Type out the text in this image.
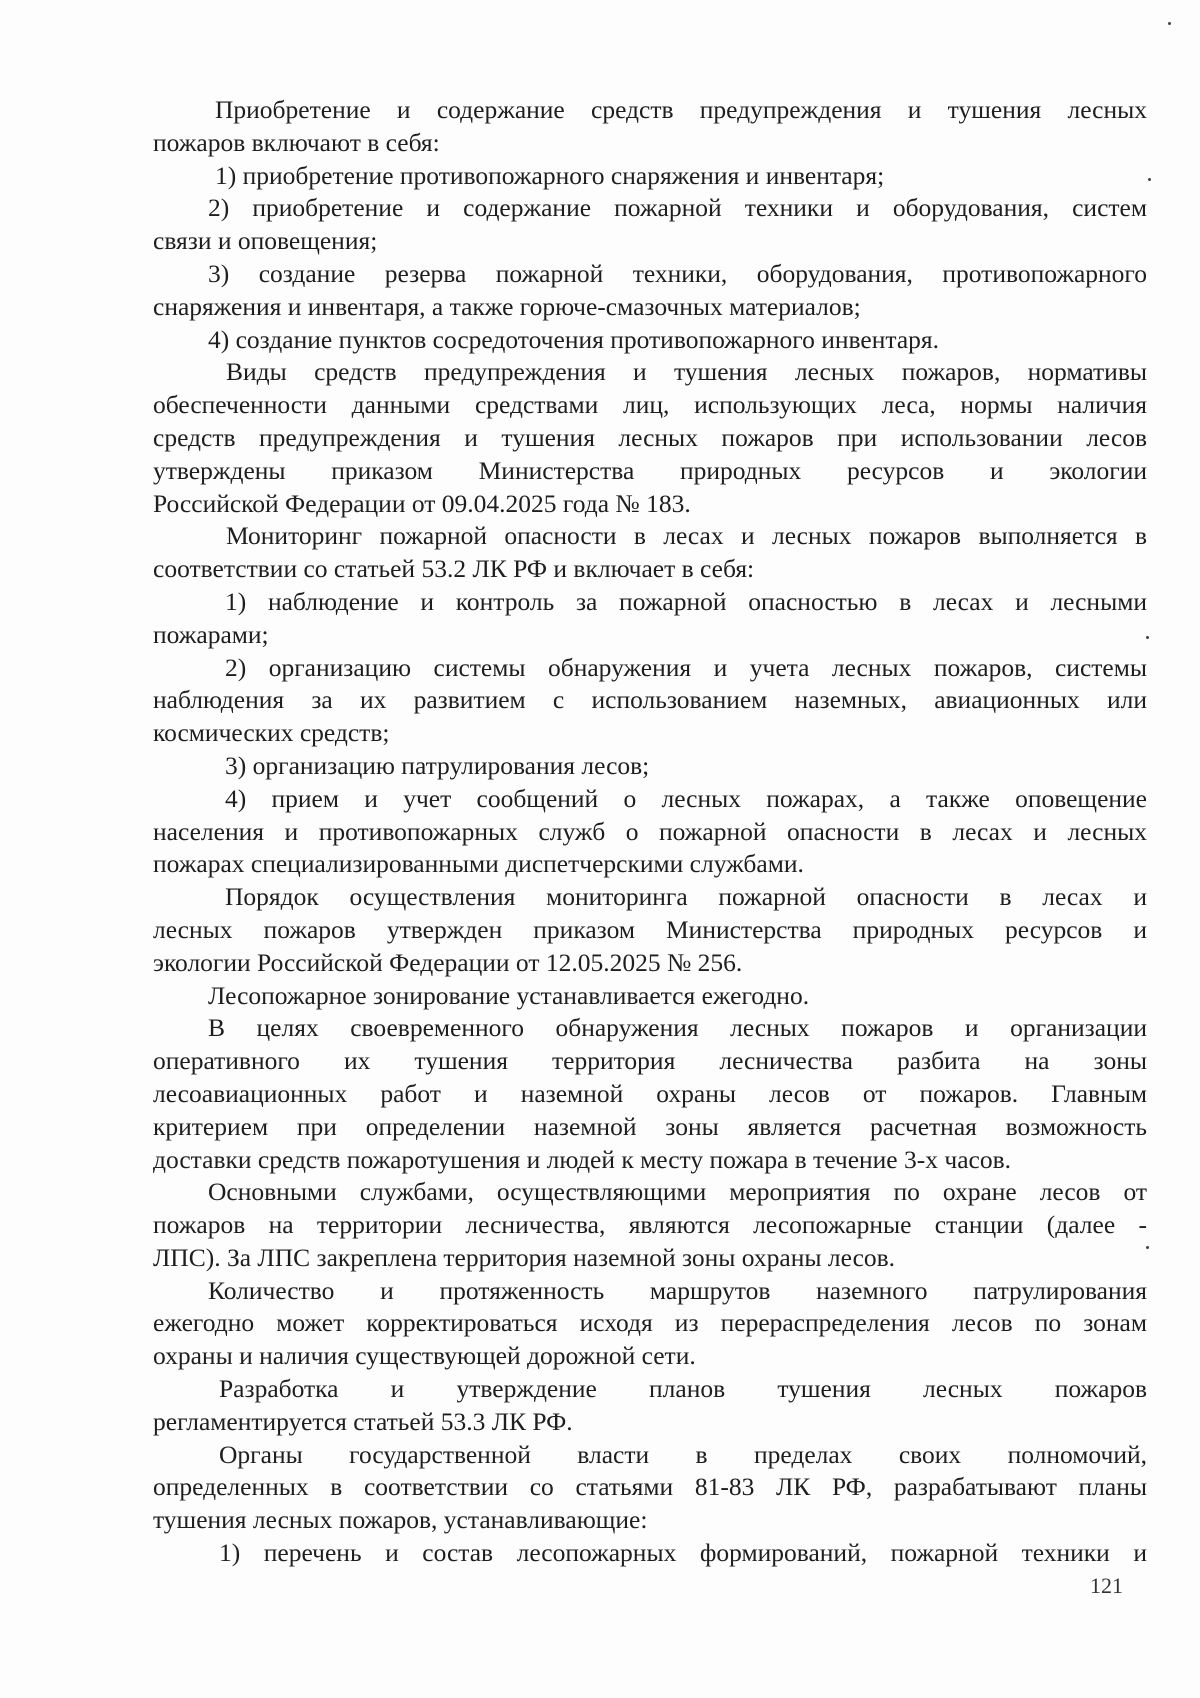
Приобретение и содержание средств предупреждения и тушения лесных
пожаров включают в себя:
1) приобретение противопожарного снаряжения и инвентаря;
2) приобретение и содержание пожарной техники и оборудования, систем
связи и оповещения;
3) создание резерва пожарной техники, оборудования, противопожарного
снаряжения и инвентаря, а также горюче-смазочных материалов;
4) создание пунктов сосредоточения противопожарного инвентаря.
Виды средств предупреждения и тушения лесных пожаров, нормативы
обеспеченности данными средствами лиц, использующих леса, нормы наличия
средств предупреждения и тушения лесных пожаров при использовании лесов
утверждены приказом Министерства природных ресурсов и экологии
Российской Федерации от 09.04.2025 года № 183.
Мониторинг пожарной опасности в лесах и лесных пожаров выполняется в
соответствии со статьей 53.2 ЛК РФ и включает в себя:
1) наблюдение и контроль за пожарной опасностью в лесах и лесными
пожарами;
2) организацию системы обнаружения и учета лесных пожаров, системы
наблюдения за их развитием с использованием наземных, авиационных или
космических средств;
3) организацию патрулирования лесов;
4) прием и учет сообщений о лесных пожарах, а также оповещение
населения и противопожарных служб о пожарной опасности в лесах и лесных
пожарах специализированными диспетчерскими службами.
Порядок осуществления мониторинга пожарной опасности в лесах и
лесных пожаров утвержден приказом Министерства природных ресурсов и
экологии Российской Федерации от 12.05.2025 № 256.
Лесопожарное зонирование устанавливается ежегодно.
В целях своевременного обнаружения лесных пожаров и организации
оперативного их тушения территория лесничества разбита на зоны
лесоавиационных работ и наземной охраны лесов от пожаров. Главным
критерием при определении наземной зоны является расчетная возможность
доставки средств пожаротушения и людей к месту пожара в течение 3-х часов.
Основными службами, осуществляющими мероприятия по охране лесов от
пожаров на территории лесничества, являются лесопожарные станции (далее -
ЛПС). За ЛПС закреплена территория наземной зоны охраны лесов.
Количество и протяженность маршрутов наземного патрулирования
ежегодно может корректироваться исходя из перераспределения лесов по зонам
охраны и наличия существующей дорожной сети.
Разработка и утверждение планов тушения лесных пожаров
регламентируется статьей 53.3 ЛК РФ.
Органы государственной власти в пределах своих полномочий,
определенных в соответствии со статьями 81-83 ЛК РФ, разрабатывают планы
тушения лесных пожаров, устанавливающие:
1) перечень и состав лесопожарных формирований, пожарной техники и
121
